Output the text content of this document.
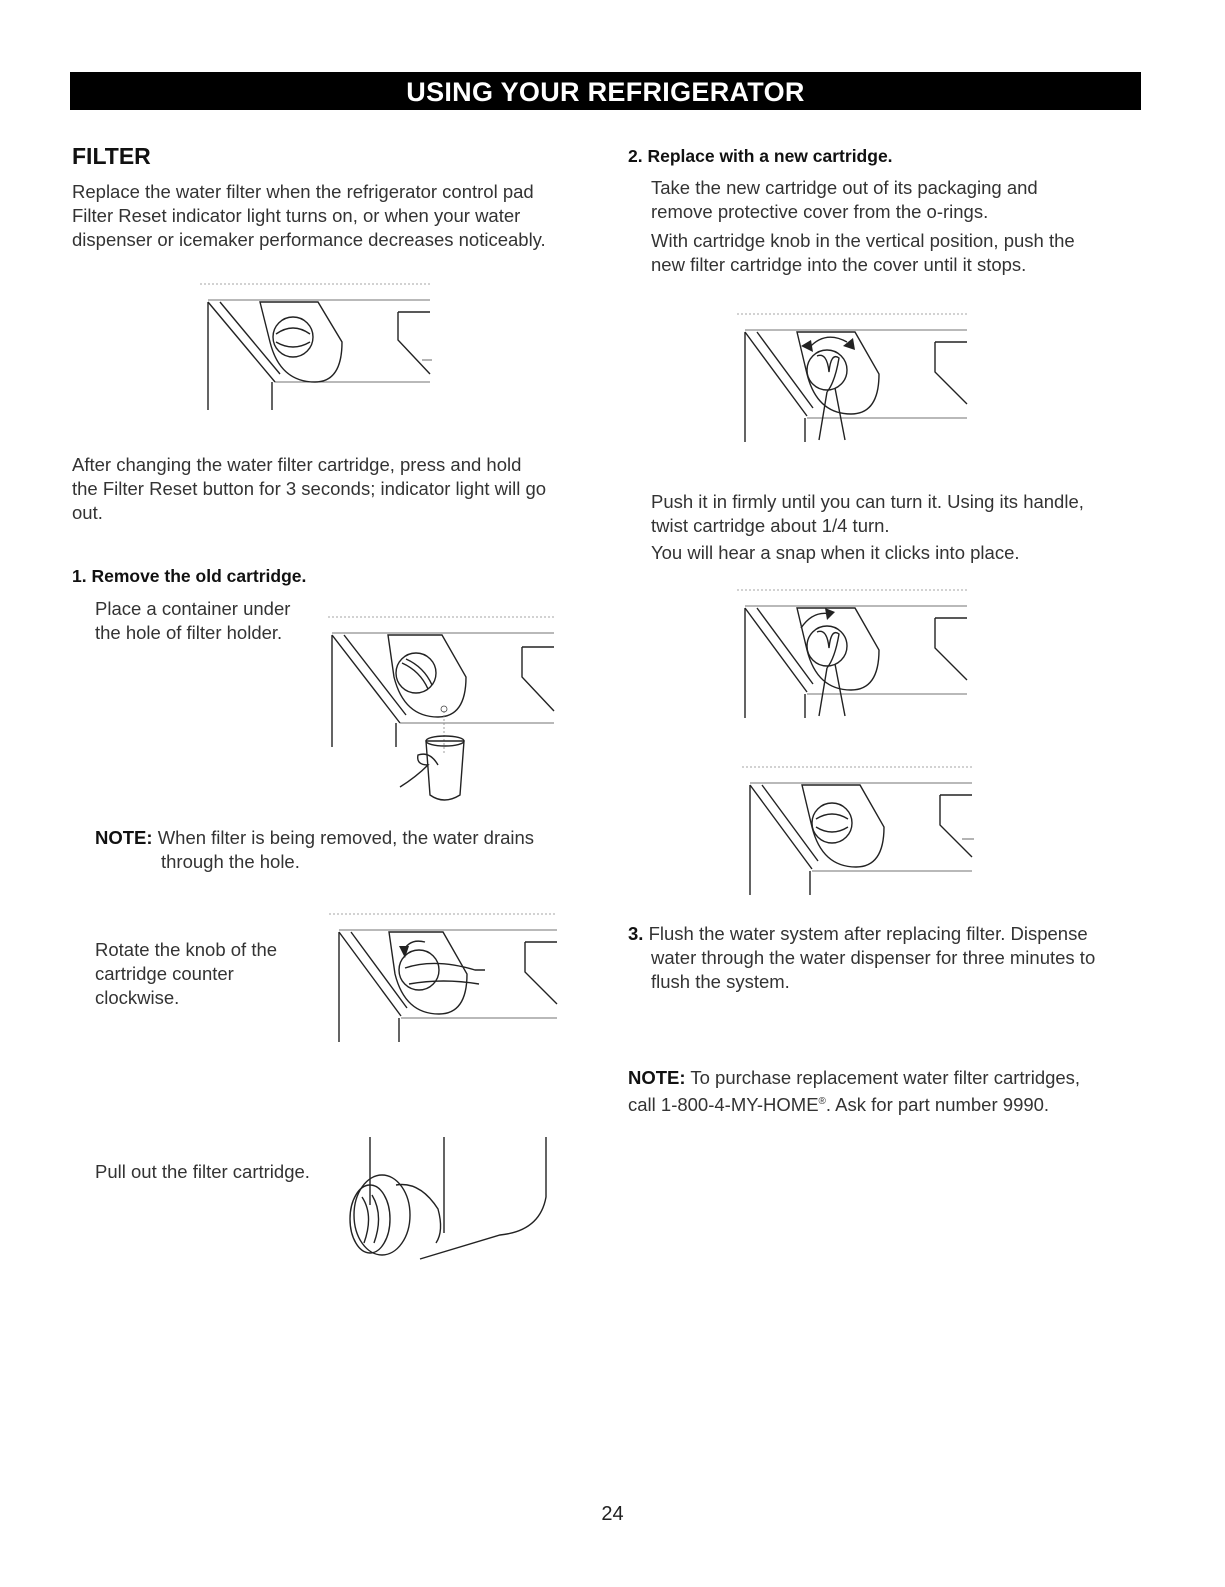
USING YOUR REFRIGERATOR
FILTER

Replace the water filter when the refrigerator control pad

Filter Reset indicator light turns on, or when your water

dispenser or icemaker performance decreases noticeably.

After changing the water filter cartridge, press and hold

the Filter Reset button for 3 seconds; indicator light will go

out.

1. Remove the old cartridge.

Place a container under

the hole of filter holder.

NOTE: When filter is being removed, the water drains

through the hole.

Rotate the knob of the

cartridge counter

clockwise.

Pull out the filter cartridge.
2. Replace with a new cartridge.

Take the new cartridge out of its packaging and

remove protective cover from the o-rings.

With cartridge knob in the vertical position, push the

new filter cartridge into the cover until it stops.

Push it in firmly until you can turn it. Using its handle,

twist cartridge about 1/4 turn.

You will hear a snap when it clicks into place.

3. Flush the water system after replacing filter. Dispense

water through the water dispenser for three minutes to

flush the system.

NOTE: To purchase replacement water filter cartridges,

call 1-800-4-MY-HOME®. Ask for part number 9990.

24
